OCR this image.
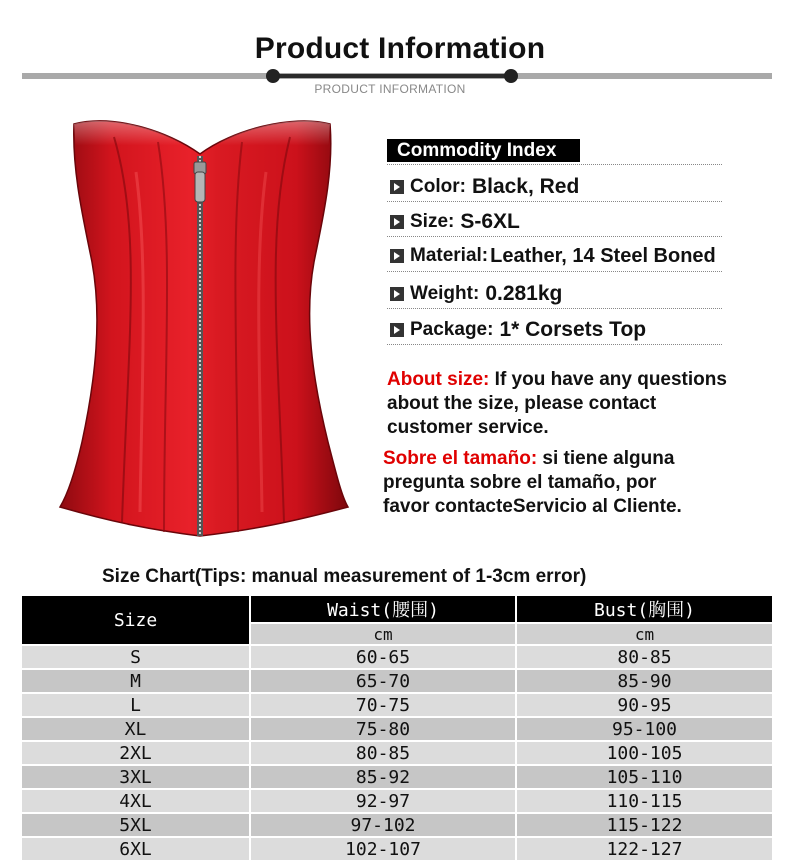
Product Information
PRODUCT INFORMATION
Commodity Index
Color: Black, Red
Size: S-6XL
Material: Leather, 14 Steel Boned
Weight: 0.281kg
Package: 1* Corsets Top
About size: If you have any questions
about the size, please contact
customer service.
Sobre el tamaño: si tiene alguna
pregunta sobre el tamaño, por
favor contacteServicio al Cliente.
Size Chart(Tips: manual measurement of 1-3cm error)
Size	Waist(腰围)	Bust(胸围)
	cm	cm
S	60-65	80-85
M	65-70	85-90
L	70-75	90-95
XL	75-80	95-100
2XL	80-85	100-105
3XL	85-92	105-110
4XL	92-97	110-115
5XL	97-102	115-122
6XL	102-107	122-127
